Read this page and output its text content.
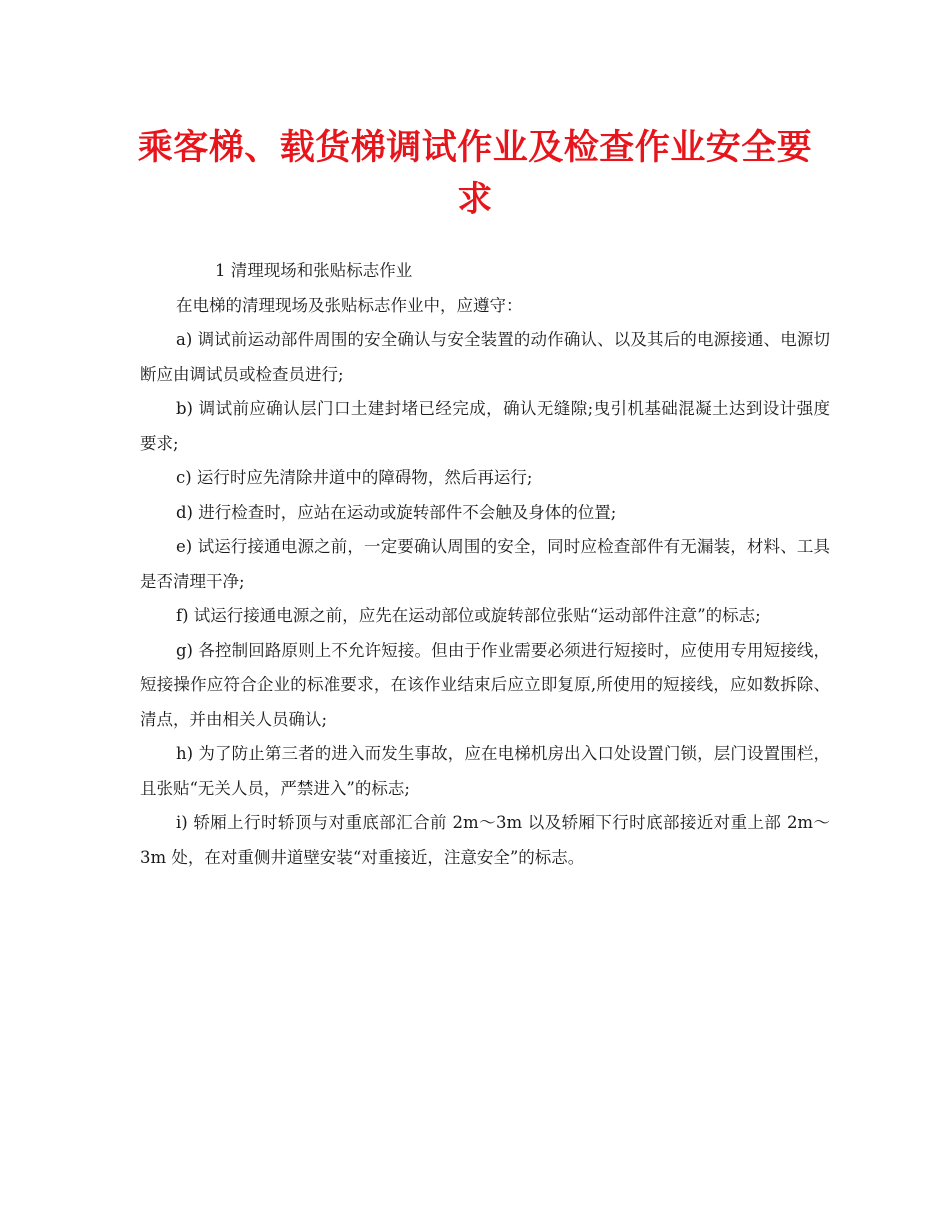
乘客梯、载货梯调试作业及检查作业安全要求
1 清理现场和张贴标志作业

在电梯的清理现场及张贴标志作业中，应遵守：

a) 调试前运动部件周围的安全确认与安全装置的动作确认、以及其后的电源接通、电源切断应由调试员或检查员进行;

b) 调试前应确认层门口土建封堵已经完成，确认无缝隙;曳引机基础混凝土达到设计强度要求;

c) 运行时应先清除井道中的障碍物，然后再运行;

d) 进行检查时，应站在运动或旋转部件不会触及身体的位置;

e) 试运行接通电源之前，一定要确认周围的安全，同时应检查部件有无漏装，材料、工具是否清理干净;

f) 试运行接通电源之前，应先在运动部位或旋转部位张贴“运动部件注意”的标志;

g) 各控制回路原则上不允许短接。但由于作业需要必须进行短接时，应使用专用短接线，短接操作应符合企业的标准要求，在该作业结束后应立即复原,所使用的短接线，应如数拆除、清点，并由相关人员确认;

h) 为了防止第三者的进入而发生事故，应在电梯机房出入口处设置门锁，层门设置围栏，且张贴“无关人员，严禁进入”的标志;

i) 轿厢上行时轿顶与对重底部汇合前 2m～3m 以及轿厢下行时底部接近对重上部 2m～3m 处，在对重侧井道壁安装“对重接近，注意安全”的标志。
